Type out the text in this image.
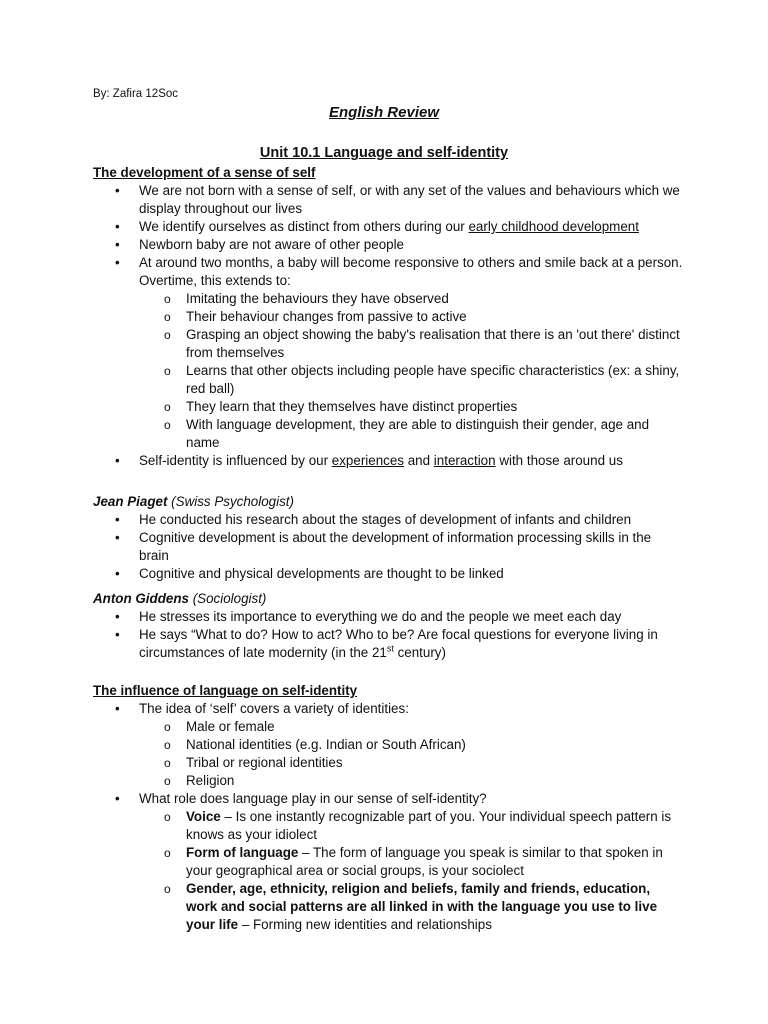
By: Zafira 12Soc
English Review
Unit 10.1 Language and self-identity
The development of a sense of self
• We are not born with a sense of self, or with any set of the values and behaviours which we display throughout our lives
• We identify ourselves as distinct from others during our early childhood development
• Newborn baby are not aware of other people
• At around two months, a baby will become responsive to others and smile back at a person. Overtime, this extends to:
o Imitating the behaviours they have observed
o Their behaviour changes from passive to active
o Grasping an object showing the baby's realisation that there is an 'out there' distinct from themselves
o Learns that other objects including people have specific characteristics (ex: a shiny, red ball)
o They learn that they themselves have distinct properties
o With language development, they are able to distinguish their gender, age and name
• Self-identity is influenced by our experiences and interaction with those around us
Jean Piaget (Swiss Psychologist)
• He conducted his research about the stages of development of infants and children
• Cognitive development is about the development of information processing skills in the brain
• Cognitive and physical developments are thought to be linked
Anton Giddens (Sociologist)
• He stresses its importance to everything we do and the people we meet each day
• He says “What to do? How to act? Who to be? Are focal questions for everyone living in circumstances of late modernity (in the 21st century)
The influence of language on self-identity
• The idea of ‘self’ covers a variety of identities:
o Male or female
o National identities (e.g. Indian or South African)
o Tribal or regional identities
o Religion
• What role does language play in our sense of self-identity?
o Voice – Is one instantly recognizable part of you. Your individual speech pattern is knows as your idiolect
o Form of language – The form of language you speak is similar to that spoken in your geographical area or social groups, is your sociolect
o Gender, age, ethnicity, religion and beliefs, family and friends, education, work and social patterns are all linked in with the language you use to live your life – Forming new identities and relationships
